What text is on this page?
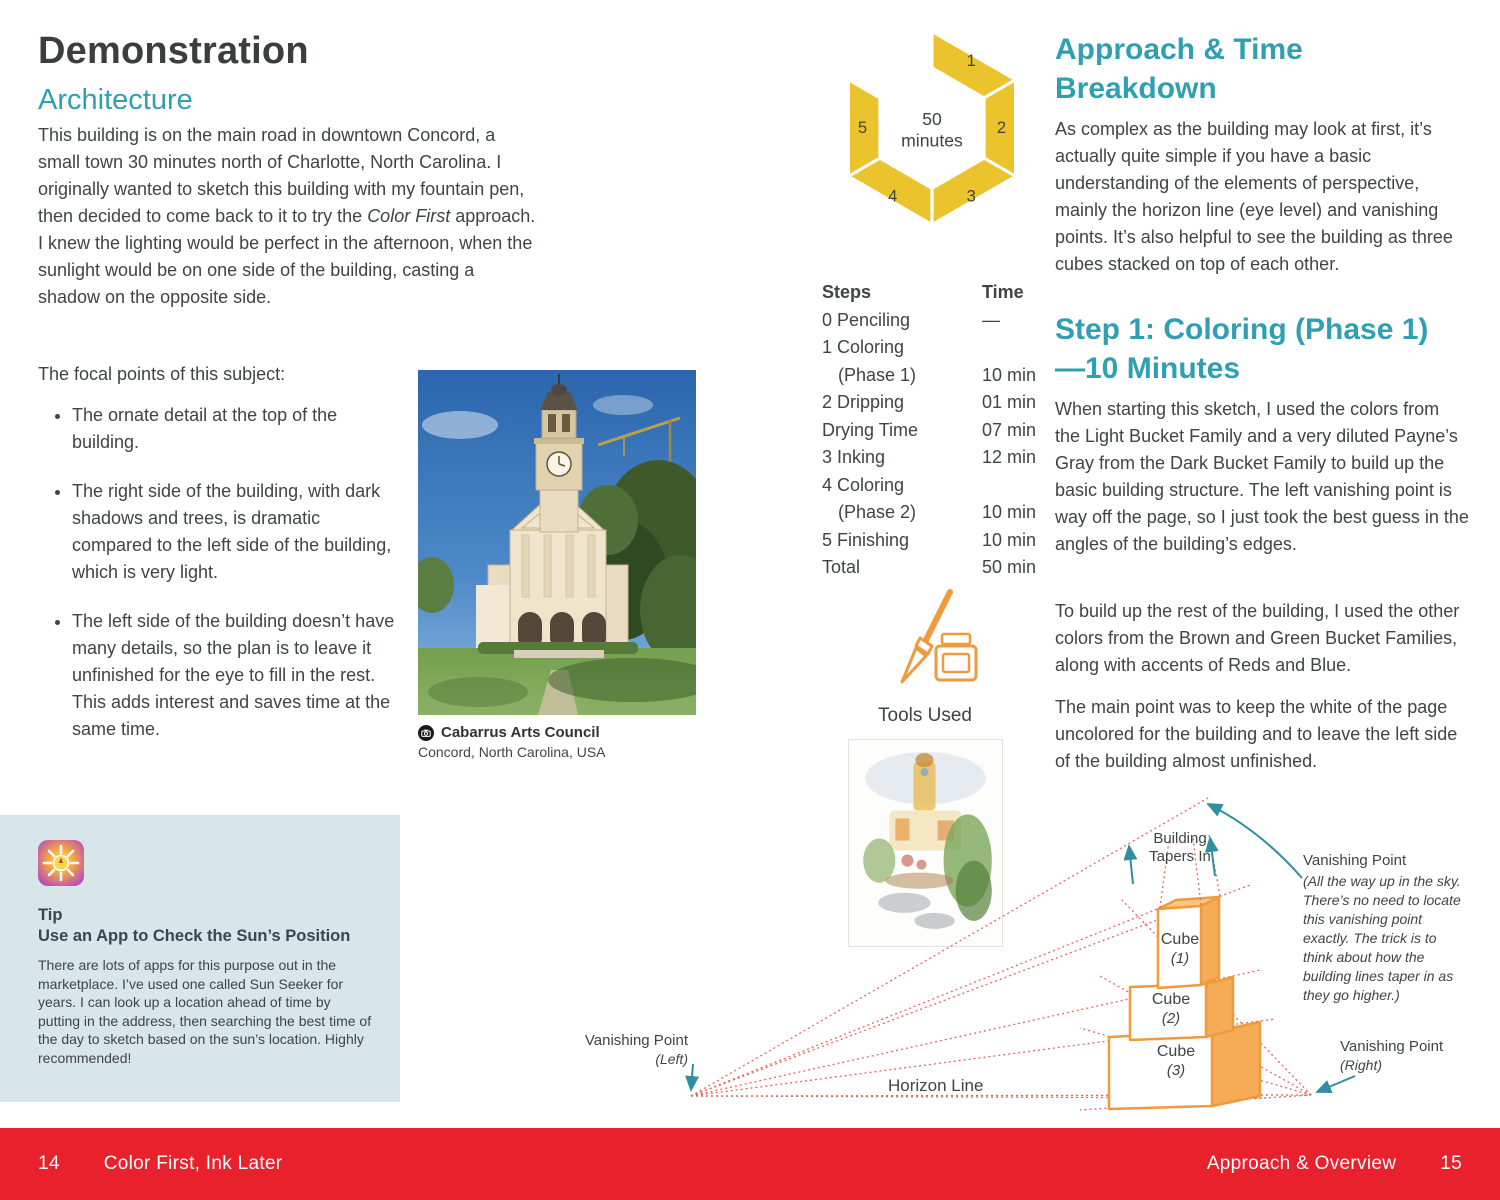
Demonstration
Architecture

This building is on the main road in downtown Concord, a small town 30 minutes north of Charlotte, North Carolina. I originally wanted to sketch this building with my fountain pen, then decided to come back to it to try the Color First approach. I knew the lighting would be perfect in the afternoon, when the sunlight would be on one side of the building, casting a shadow on the opposite side.

The focal points of this subject:
• The ornate detail at the top of the building.
• The right side of the building, with dark shadows and trees, is dramatic compared to the left side of the building, which is very light.
• The left side of the building doesn’t have many details, so the plan is to leave it unfinished for the eye to fill in the rest. This adds interest and saves time at the same time.	Cabarrus Arts Council
Concord, North Carolina, USA
Tip
Use an App to Check the Sun’s Position
There are lots of apps for this purpose out in the marketplace. I’ve used one called Sun Seeker for years. I can look up a location ahead of time by putting in the address, then searching the best time of the day to sketch based on the sun’s location. Highly recommended!
1
2
3
4
5	50
minutes
Steps	Time
0 Penciling	—
1 Coloring
(Phase 1)	10 min
2 Dripping	01 min
Drying Time	07 min
3 Inking	12 min
4 Coloring
(Phase 2)	10 min
5 Finishing	10 min
Total	50 min
Tools Used
Approach & Time Breakdown

As complex as the building may look at first, it’s actually quite simple if you have a basic understanding of the elements of perspective, mainly the horizon line (eye level) and vanishing points. It’s also helpful to see the building as three cubes stacked on top of each other.

Step 1: Coloring (Phase 1)—10 Minutes

When starting this sketch, I used the colors from the Light Bucket Family and a very diluted Payne’s Gray from the Dark Bucket Family to build up the basic building structure. The left vanishing point is way off the page, so I just took the best guess in the angles of the building’s edges.

To build up the rest of the building, I used the other colors from the Brown and Green Bucket Families, along with accents of Reds and Blue.

The main point was to keep the white of the page uncolored for the building and to leave the left side of the building almost unfinished.

Building
Tapers In	Vanishing Point
(All the way up in the sky. There’s no need to locate this vanishing point exactly. The trick is to think about how the building lines taper in as they go higher.)
Vanishing Point
(Left)
Vanishing Point
(Right)
Horizon Line
Cube
(1)
Cube
(2)
Cube
(3)
14 Color First, Ink Later	Approach & Overview 15
